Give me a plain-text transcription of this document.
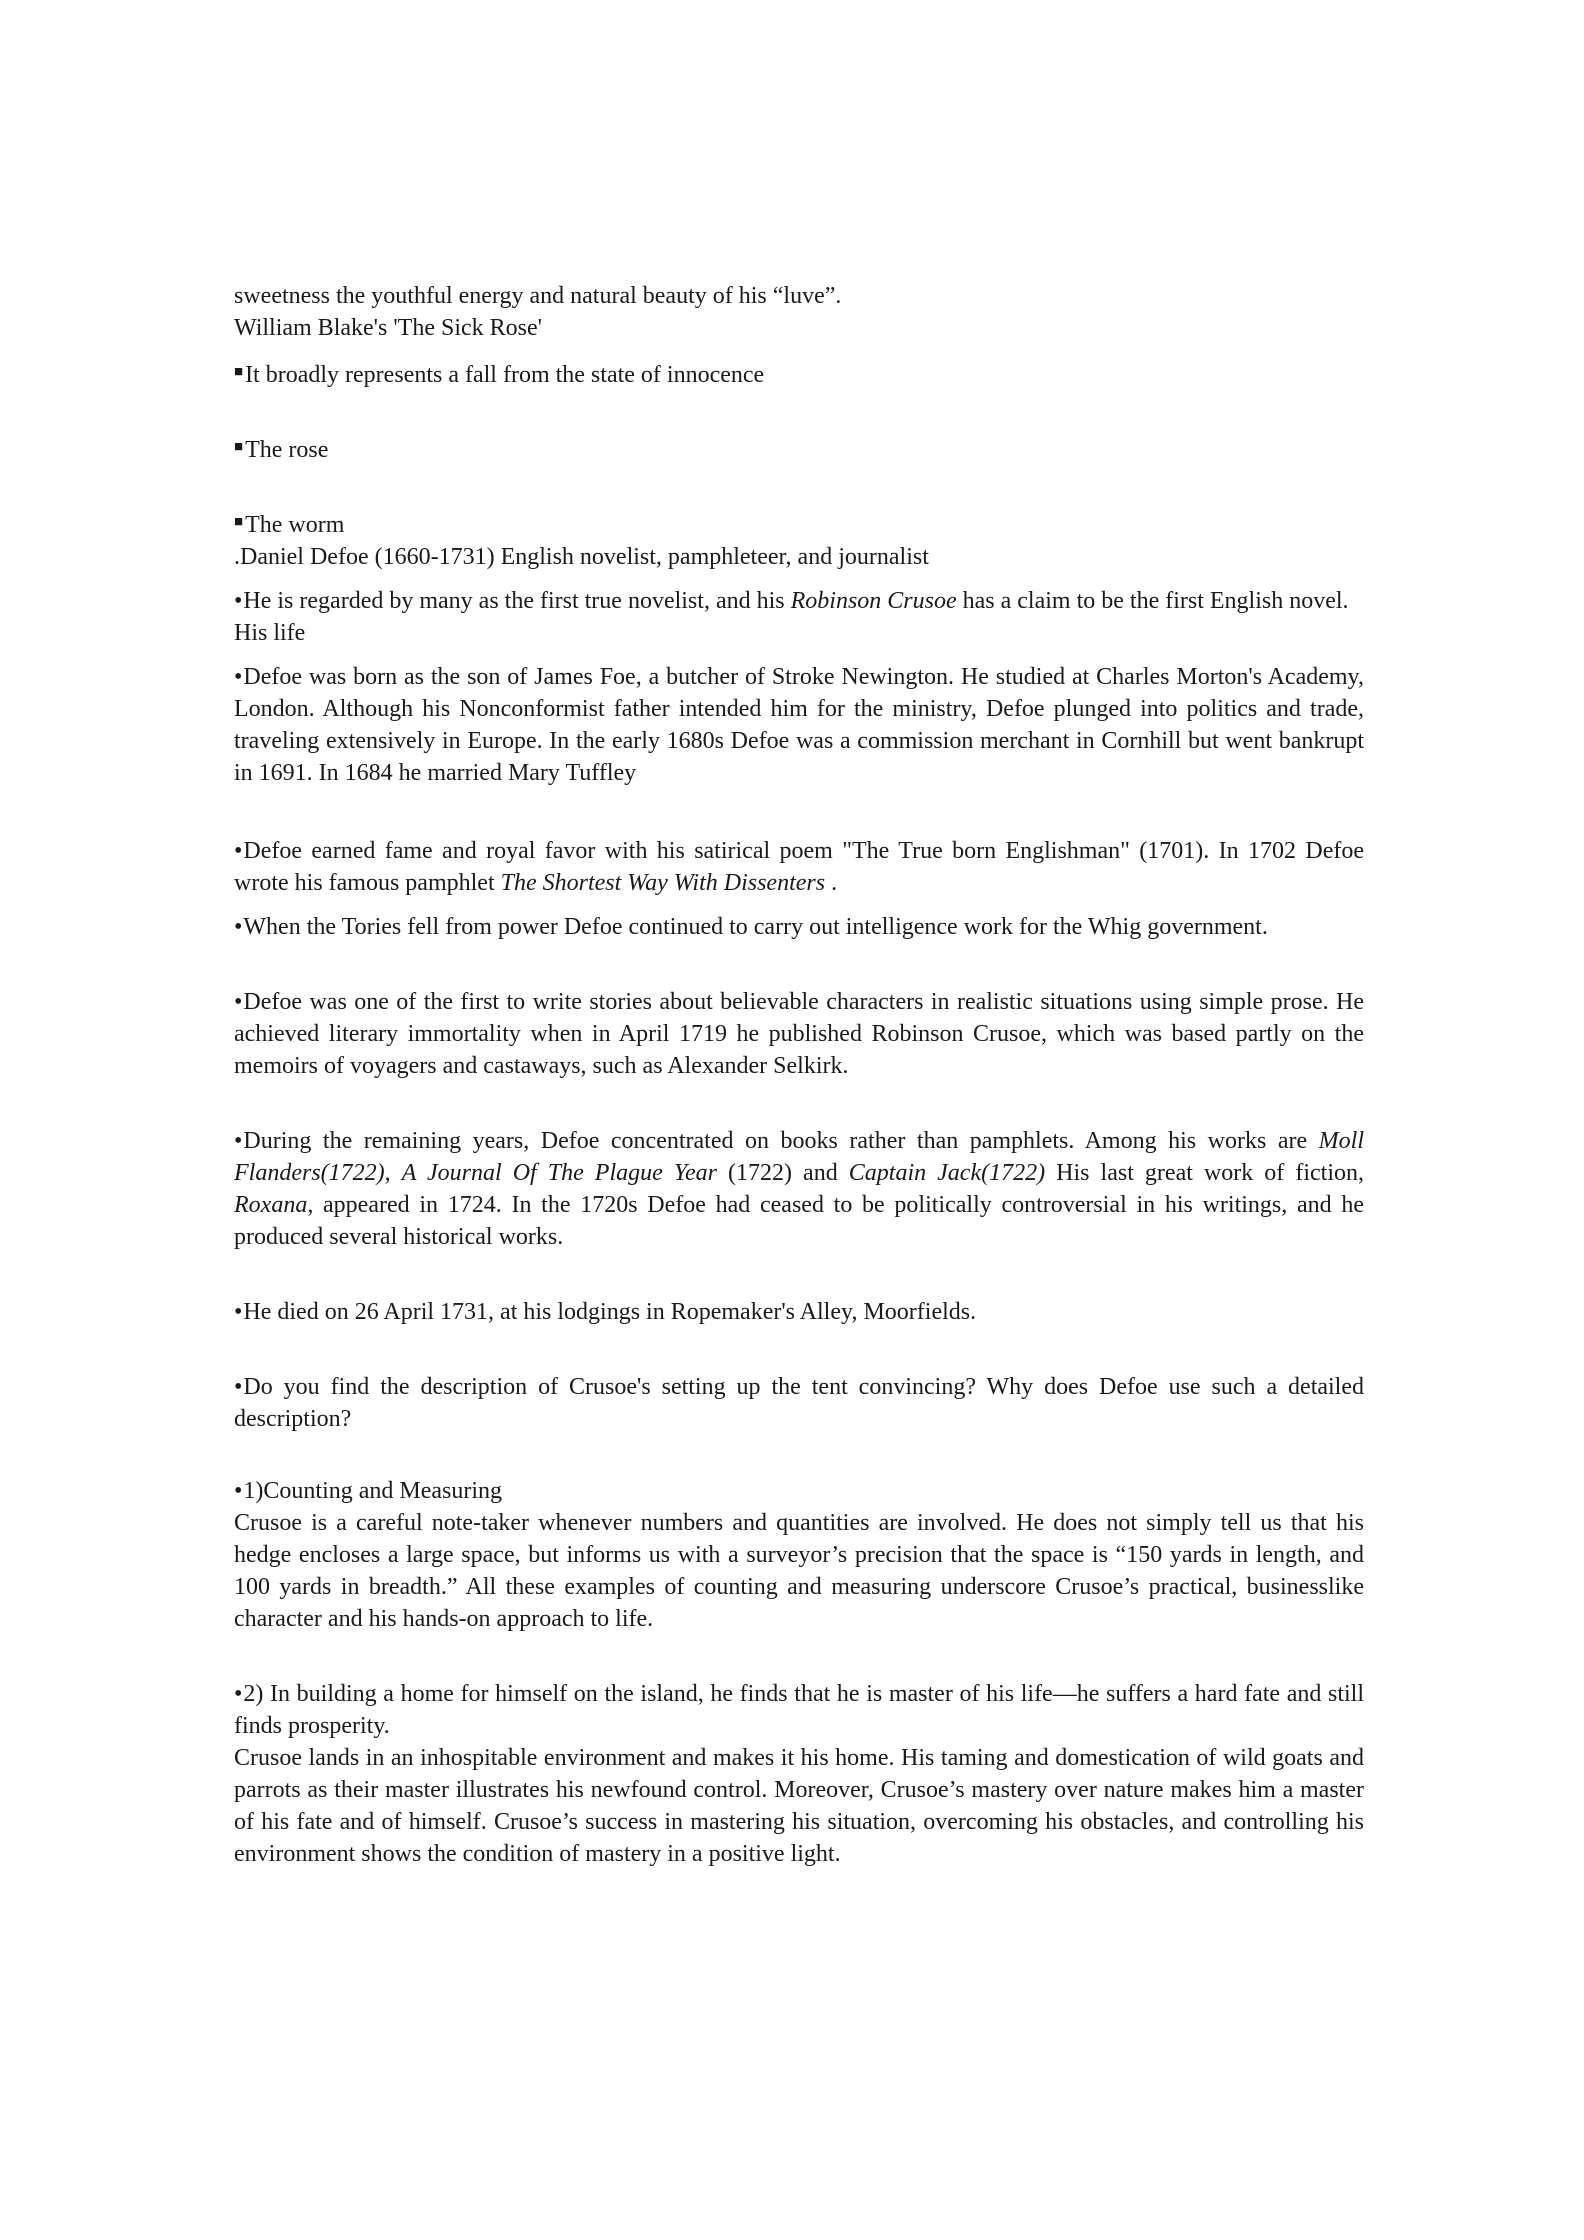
sweetness the youthful energy and natural beauty of his “luve”.

William Blake's 'The Sick Rose'

■It broadly represents a fall from the state of innocence

■The rose

■The worm

.Daniel Defoe (1660-1731) English novelist, pamphleteer, and journalist

•He is regarded by many as the first true novelist, and his Robinson Crusoe has a claim to be the first English novel.

His life

•Defoe was born as the son of James Foe, a butcher of Stroke Newington. He studied at Charles Morton's Academy, London. Although his Nonconformist father intended him for the ministry, Defoe plunged into politics and trade, traveling extensively in Europe. In the early 1680s Defoe was a commission merchant in Cornhill but went bankrupt in 1691. In 1684 he married Mary Tuffley

•Defoe earned fame and royal favor with his satirical poem "The True born Englishman" (1701). In 1702 Defoe wrote his famous pamphlet The Shortest Way With Dissenters .

•When the Tories fell from power Defoe continued to carry out intelligence work for the Whig government.

•Defoe was one of the first to write stories about believable characters in realistic situations using simple prose. He achieved literary immortality when in April 1719 he published Robinson Crusoe, which was based partly on the memoirs of voyagers and castaways, such as Alexander Selkirk.

•During the remaining years, Defoe concentrated on books rather than pamphlets. Among his works are Moll Flanders(1722), A Journal Of The Plague Year (1722) and Captain Jack(1722) His last great work of fiction, Roxana, appeared in 1724. In the 1720s Defoe had ceased to be politically controversial in his writings, and he produced several historical works.

•He died on 26 April 1731, at his lodgings in Ropemaker's Alley, Moorfields.

•Do you find the description of Crusoe's setting up the tent convincing? Why does Defoe use such a detailed description?

•1)Counting and Measuring

Crusoe is a careful note-taker whenever numbers and quantities are involved. He does not simply tell us that his hedge encloses a large space, but informs us with a surveyor’s precision that the space is “150 yards in length, and 100 yards in breadth.” All these examples of counting and measuring underscore Crusoe’s practical, businesslike character and his hands-on approach to life.

•2) In building a home for himself on the island, he finds that he is master of his life—he suffers a hard fate and still finds prosperity.

Crusoe lands in an inhospitable environment and makes it his home. His taming and domestication of wild goats and parrots as their master illustrates his newfound control. Moreover, Crusoe’s mastery over nature makes him a master of his fate and of himself. Crusoe’s success in mastering his situation, overcoming his obstacles, and controlling his environment shows the condition of mastery in a positive light.
